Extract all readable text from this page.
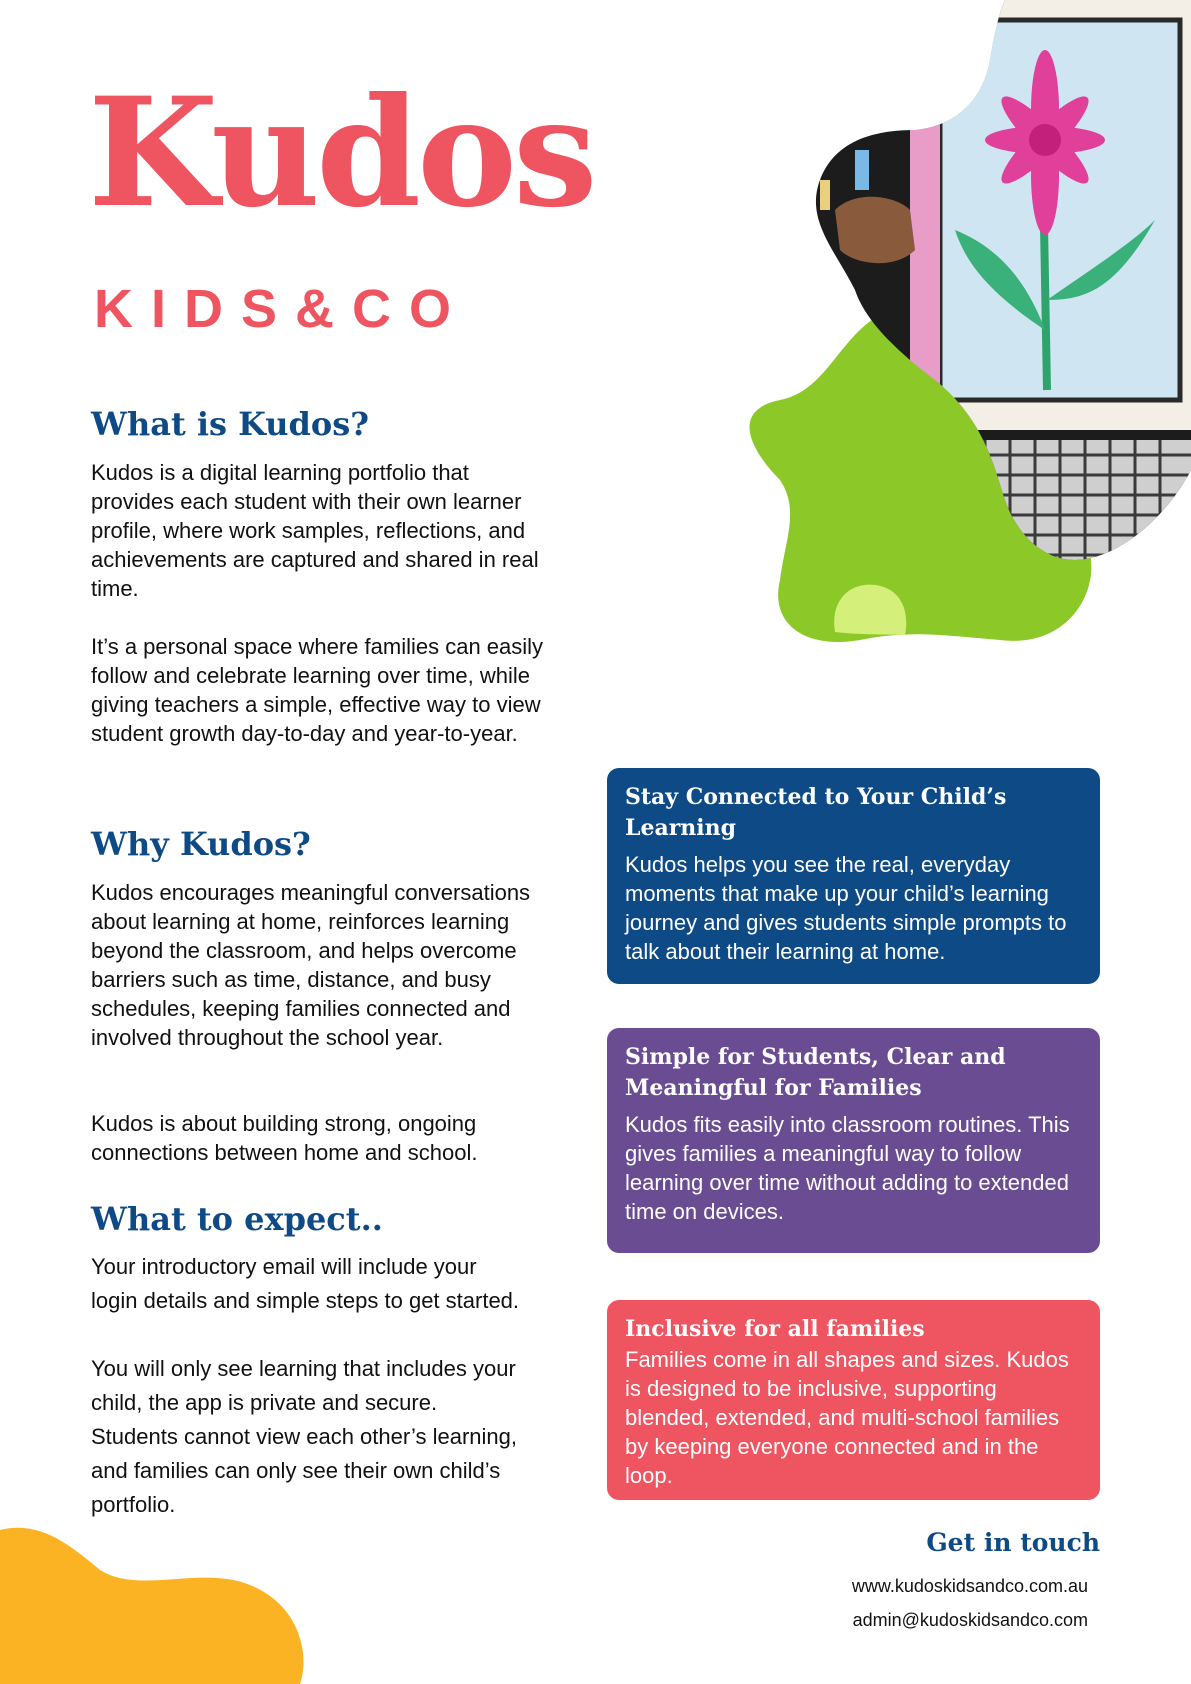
Kudos
KIDS&CO
What is Kudos?
Kudos is a digital learning portfolio that provides each student with their own learner profile, where work samples, reflections, and achievements are captured and shared in real time.
It’s a personal space where families can easily follow and celebrate learning over time, while giving teachers a simple, effective way to view student growth day-to-day and year-to-year.
Why Kudos?
Kudos encourages meaningful conversations about learning at home, reinforces learning beyond the classroom, and helps overcome barriers such as time, distance, and busy schedules, keeping families connected and involved throughout the school year.
Kudos is about building strong, ongoing connections between home and school.
What to expect..
Your introductory email will include your login details and simple steps to get started.
You will only see learning that includes your child, the app is private and secure. Students cannot view each other’s learning, and families can only see their own child’s portfolio.
Stay Connected to Your Child’s Learning

Kudos helps you see the real, everyday moments that make up your child’s learning journey and gives students simple prompts to talk about their learning at home.

Simple for Students, Clear and Meaningful for Families

Kudos fits easily into classroom routines. This gives families a meaningful way to follow learning over time without adding to extended time on devices.

Inclusive for all families

Families come in all shapes and sizes. Kudos is designed to be inclusive, supporting blended, extended, and multi-school families by keeping everyone connected and in the loop.

Get in touch
www.kudoskidsandco.com.au
admin@kudoskidsandco.com
